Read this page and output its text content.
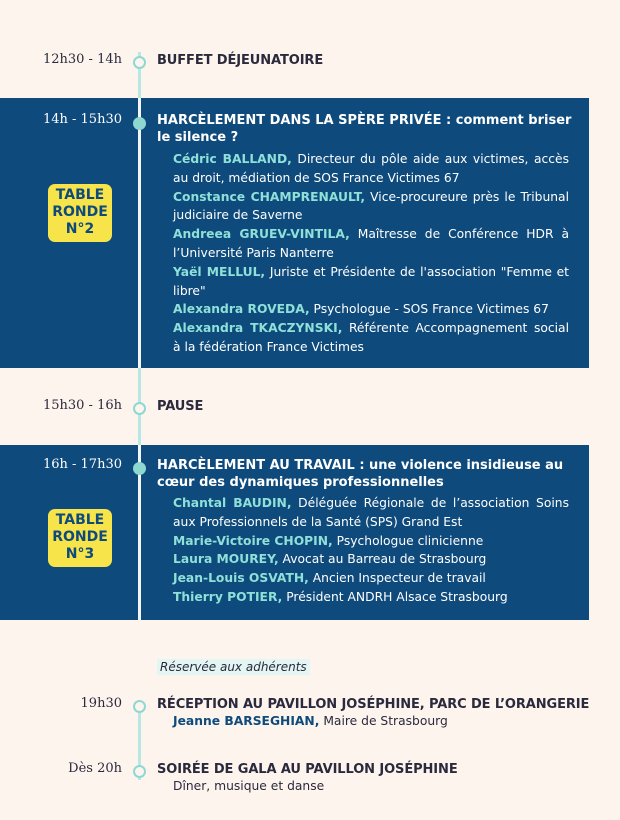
12h30 - 14h	BUFFET DÉJEUNATOIRE
14h - 15h30	HARCÈLEMENT DANS LA SPÈRE PRIVÉE : comment briser le silence ?
TABLE
RONDE
N°2

Cédric BALLAND, Directeur du pôle aide aux victimes, accès au droit, médiation de SOS France Victimes 67

Constance CHAMPRENAULT, Vice-procureure près le Tribunal judiciaire de Saverne

Andreea GRUEV-VINTILA, Maîtresse de Conférence HDR à l’Université Paris Nanterre

Yaël MELLUL, Juriste et Présidente de l'association "Femme et libre"

Alexandra ROVEDA, Psychologue - SOS France Victimes 67

Alexandra TKACZYNSKI, Référente Accompagnement social à la fédération France Victimes

15h30 - 16h	PAUSE
16h - 17h30	HARCÈLEMENT AU TRAVAIL : une violence insidieuse au cœur des dynamiques professionnelles
TABLE
RONDE
N°3

Chantal BAUDIN, Déléguée Régionale de l’association Soins aux Professionnels de la Santé (SPS) Grand Est

Marie-Victoire CHOPIN, Psychologue clinicienne

Laura MOUREY, Avocat au Barreau de Strasbourg

Jean-Louis OSVATH, Ancien Inspecteur de travail

Thierry POTIER, Président ANDRH Alsace Strasbourg

Réservée aux adhérents
19h30	RÉCEPTION AU PAVILLON JOSÉPHINE, PARC DE L’ORANGERIE
Jeanne BARSEGHIAN, Maire de Strasbourg
Dès 20h	SOIRÉE DE GALA AU PAVILLON JOSÉPHINE
Dîner, musique et danse
